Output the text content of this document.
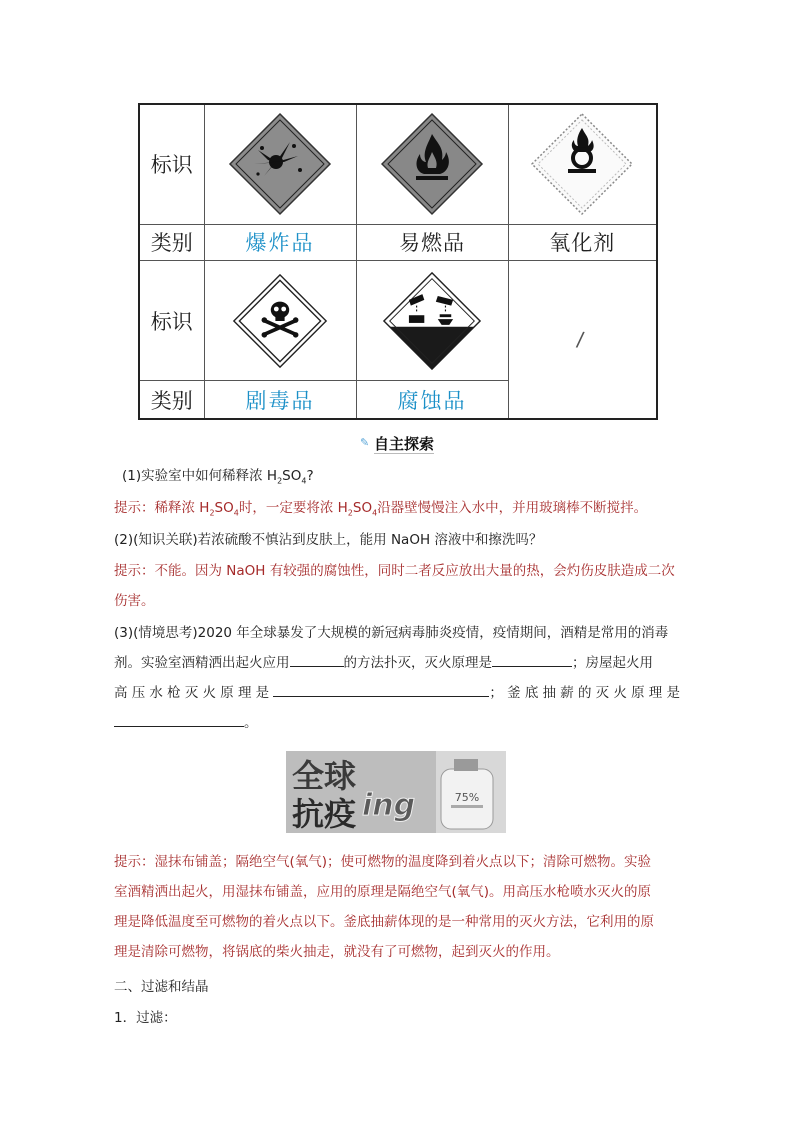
标识	

类别	爆炸品	易燃品	氧化剂
标识			/

类别	剧毒品	腐蚀品	
✎ 自主探索
(1)实验室中如何稀释浓 $H_2SO_4$?
提示：稀释浓 $H_2SO_4$时，一定要将浓 $H_2SO_4$沿器壁慢慢注入水中，并用玻璃棒不断搅拌。
(2)(知识关联)若浓硫酸不慎沾到皮肤上，能用 NaOH 溶液中和擦洗吗？
提示：不能。因为 NaOH 有较强的腐蚀性，同时二者反应放出大量的热，会灼伤皮肤造成二次
伤害。
(3)(情境思考)2020 年全球暴发了大规模的新冠病毒肺炎疫情，疫情期间，酒精是常用的消毒
剂。实验室酒精洒出起火应用	的方法扑灭，灭火原理是	；房屋起火用
高压水枪灭火原理是	；釜底抽薪的灭火原理是
。
75%
全球
抗疫 ing
提示：湿抹布铺盖；隔绝空气(氧气)；使可燃物的温度降到着火点以下；清除可燃物。实验
室酒精洒出起火，用湿抹布铺盖，应用的原理是隔绝空气(氧气)。用高压水枪喷水灭火的原
理是降低温度至可燃物的着火点以下。釜底抽薪体现的是一种常用的灭火方法，它利用的原
理是清除可燃物，将锅底的柴火抽走，就没有了可燃物，起到灭火的作用。
二、过滤和结晶
1．过滤：
